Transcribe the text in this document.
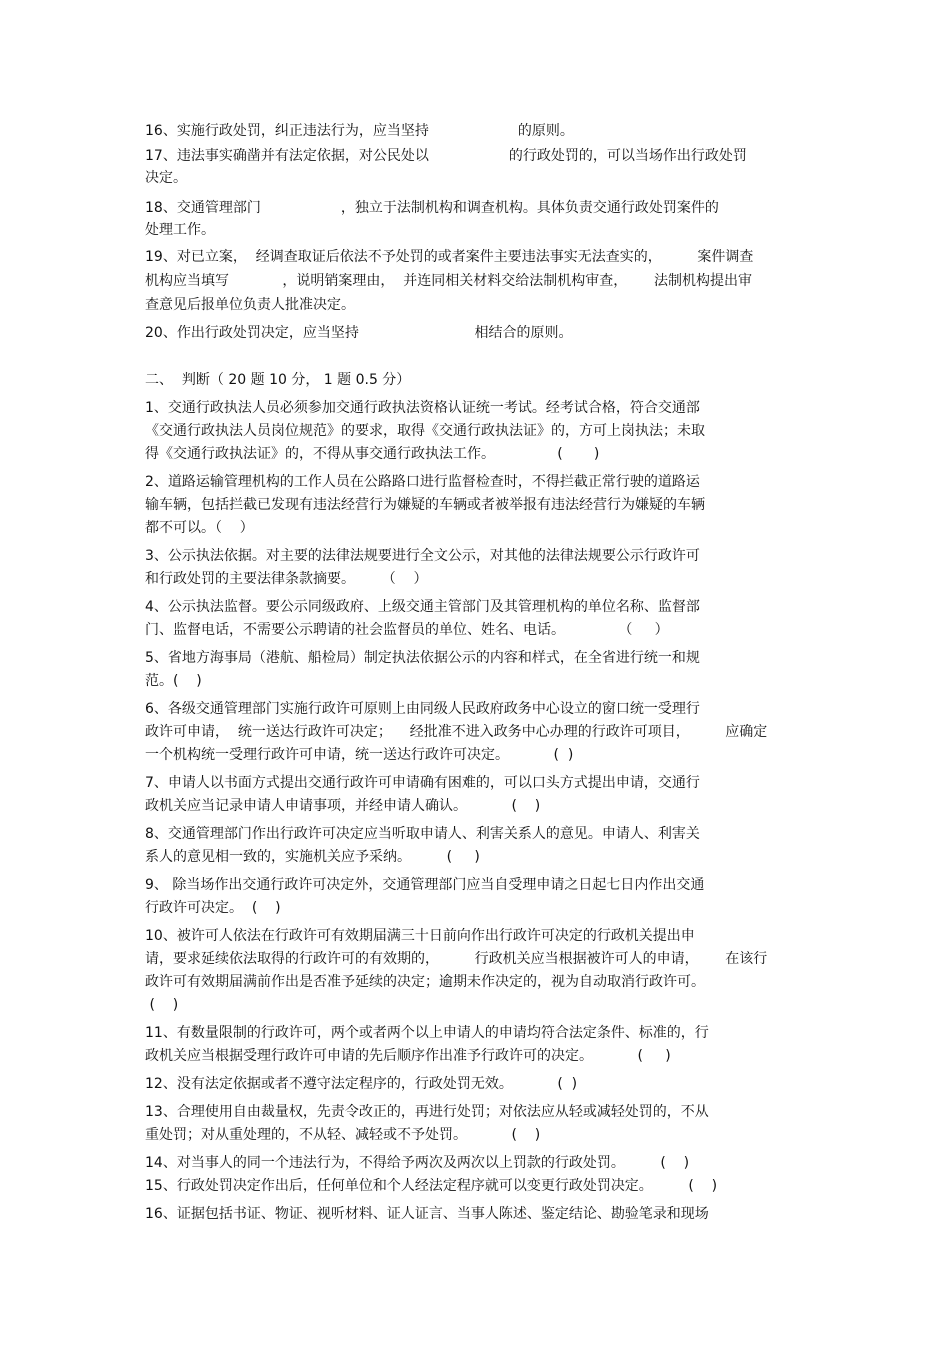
16、实施行政处罚，纠正违法行为，应当坚持                    的原则。
17、违法事实确凿并有法定依据，对公民处以                  的行政处罚的，可以当场作出行政处罚
决定。
18、交通管理部门                  ，独立于法制机构和调查机构。具体负责交通行政处罚案件的
处理工作。
19、对已立案，  经调查取证后依法不予处罚的或者案件主要违法事实无法查实的，        案件调查
机构应当填写            ，说明销案理由，  并连同相关材料交给法制机构审查，      法制机构提出审
查意见后报单位负责人批准决定。
20、作出行政处罚决定，应当坚持                          相结合的原则。
二、  判断（ 20 题 10 分， 1 题 0.5 分）
1、交通行政执法人员必须参加交通行政执法资格认证统一考试。经考试合格，符合交通部
《交通行政执法人员岗位规范》的要求，取得《交通行政执法证》的，方可上岗执法；未取
得《交通行政执法证》的，不得从事交通行政执法工作。              (       )
2、道路运输管理机构的工作人员在公路路口进行监督检查时，不得拦截正常行驶的道路运
输车辆，包括拦截已发现有违法经营行为嫌疑的车辆或者被举报有违法经营行为嫌疑的车辆
都不可以。（    ）
3、公示执法依据。对主要的法律法规要进行全文公示，对其他的法律法规要公示行政许可
和行政处罚的主要法律条款摘要。      （    ）
4、公示执法监督。要公示同级政府、上级交通主管部门及其管理机构的单位名称、监督部
门、监督电话，不需要公示聘请的社会监督员的单位、姓名、电话。            （     ）
5、省地方海事局（港航、船检局）制定执法依据公示的内容和样式，在全省进行统一和规
范。(    )
6、各级交通管理部门实施行政许可原则上由同级人民政府政务中心设立的窗口统一受理行
政许可申请，  统一送达行政许可决定；    经批准不进入政务中心办理的行政许可项目，        应确定
一个机构统一受理行政许可申请，统一送达行政许可决定。          (  )
7、申请人以书面方式提出交通行政许可申请确有困难的，可以口头方式提出申请，交通行
政机关应当记录申请人申请事项，并经申请人确认。          (    )
8、交通管理部门作出行政许可决定应当听取申请人、利害关系人的意见。申请人、利害关
系人的意见相一致的，实施机关应予采纳。        (     )
9、 除当场作出交通行政许可决定外，交通管理部门应当自受理申请之日起七日内作出交通
行政许可决定。  (    )
10、被许可人依法在行政许可有效期届满三十日前向作出行政许可决定的行政机关提出申
请，要求延续依法取得的行政许可的有效期的，        行政机关应当根据被许可人的申请，      在该行
政许可有效期届满前作出是否准予延续的决定；逾期未作决定的，视为自动取消行政许可。
(    )
11、有数量限制的行政许可，两个或者两个以上申请人的申请均符合法定条件、标准的，行
政机关应当根据受理行政许可申请的先后顺序作出准予行政许可的决定。          (     )
12、没有法定依据或者不遵守法定程序的，行政处罚无效。          (  )
13、合理使用自由裁量权，先责令改正的，再进行处罚；对依法应从轻或减轻处罚的，不从
重处罚；对从重处理的，不从轻、减轻或不予处罚。          (    )
14、对当事人的同一个违法行为，不得给予两次及两次以上罚款的行政处罚。        (    )
15、行政处罚决定作出后，任何单位和个人经法定程序就可以变更行政处罚决定。        (    )
16、证据包括书证、物证、视听材料、证人证言、当事人陈述、鉴定结论、勘验笔录和现场
